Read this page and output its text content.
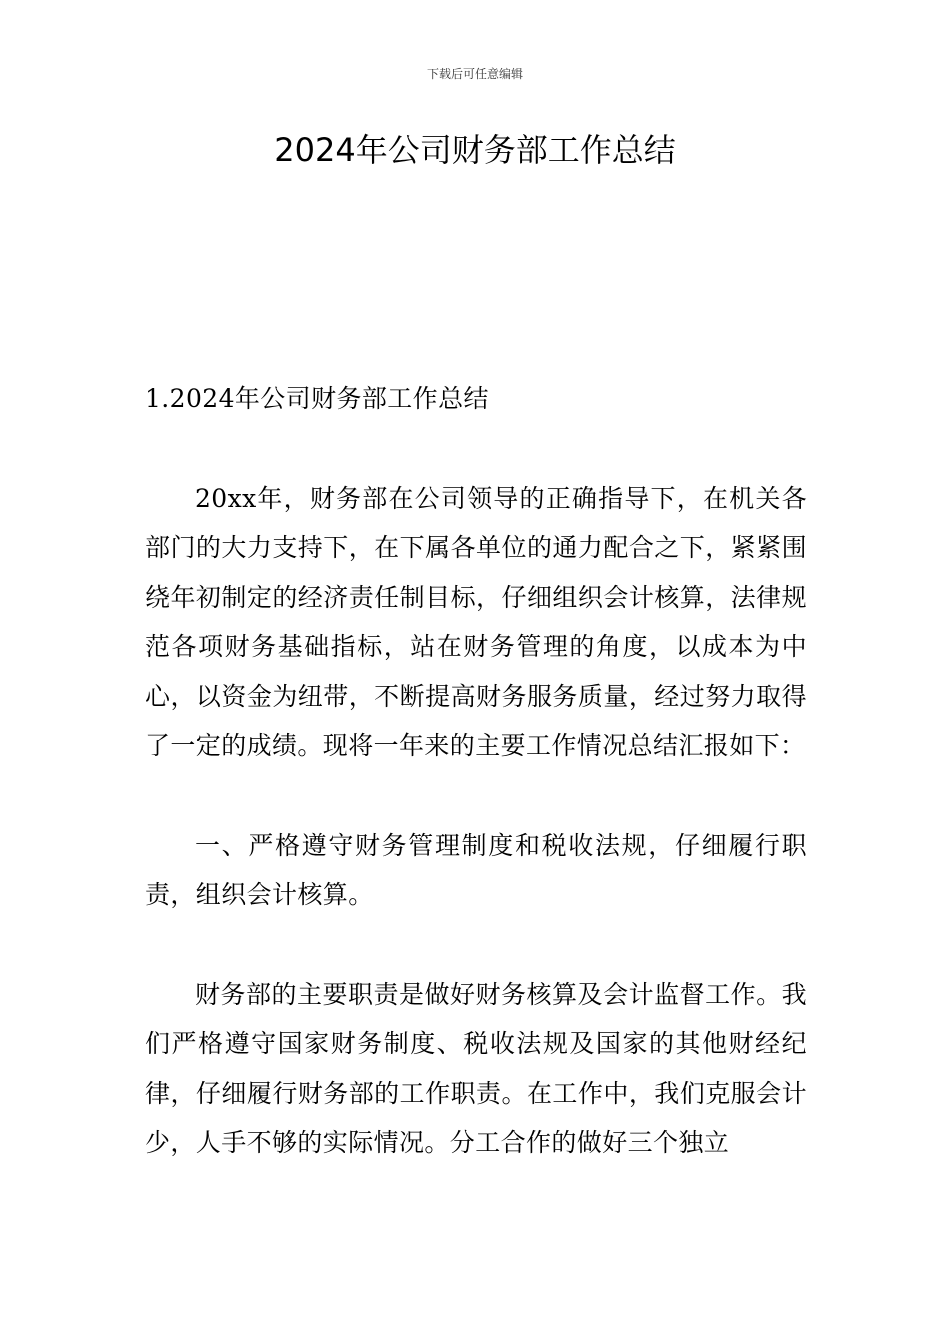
下载后可任意编辑
2024年公司财务部工作总结

1.2024年公司财务部工作总结

20xx年，财务部在公司领导的正确指导下，在机关各部门的大力支持下，在下属各单位的通力配合之下，紧紧围绕年初制定的经济责任制目标，仔细组织会计核算，法律规范各项财务基础指标，站在财务管理的角度，以成本为中心，以资金为纽带，不断提高财务服务质量，经过努力取得了一定的成绩。现将一年来的主要工作情况总结汇报如下：

一、严格遵守财务管理制度和税收法规，仔细履行职责，组织会计核算。

财务部的主要职责是做好财务核算及会计监督工作。我们严格遵守国家财务制度、税收法规及国家的其他财经纪律，仔细履行财务部的工作职责。在工作中，我们克服会计少，人手不够的实际情况。分工合作的做好三个独立
